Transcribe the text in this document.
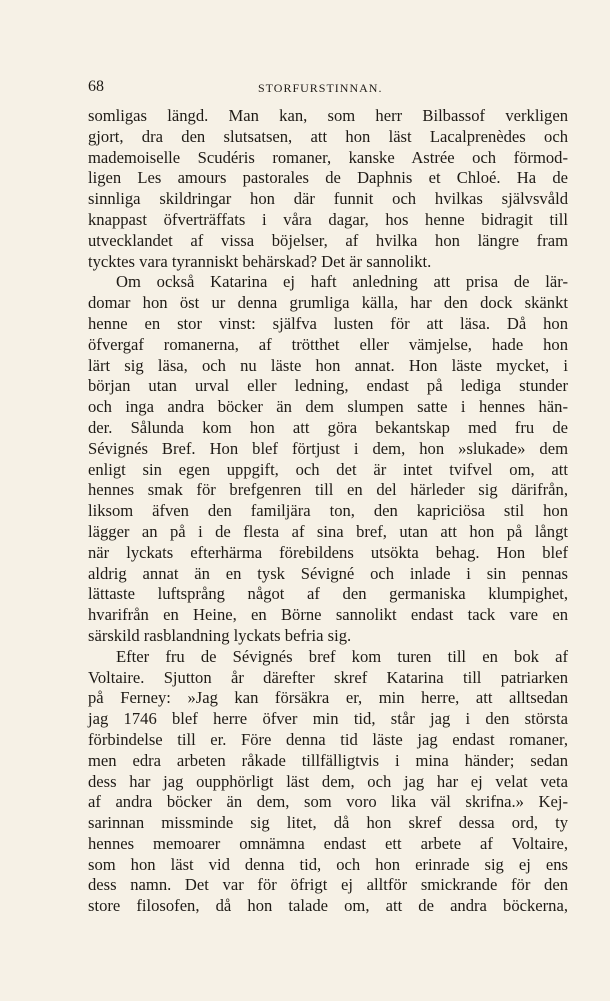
68	STORFURSTINNAN.
somligas längd. Man kan, som herr Bilbassof verkligen
gjort, dra den slutsatsen, att hon läst Lacalprenèdes och
mademoiselle Scudéris romaner, kanske Astrée och förmod-
ligen Les amours pastorales de Daphnis et Chloé. Ha de
sinnliga skildringar hon där funnit och hvilkas självsvåld
knappast öfverträffats i våra dagar, hos henne bidragit till
utvecklandet af vissa böjelser, af hvilka hon längre fram
tycktes vara tyranniskt behärskad? Det är sannolikt.
Om också Katarina ej haft anledning att prisa de lär-
domar hon öst ur denna grumliga källa, har den dock skänkt
henne en stor vinst: själfva lusten för att läsa. Då hon
öfvergaf romanerna, af trötthet eller vämjelse, hade hon
lärt sig läsa, och nu läste hon annat. Hon läste mycket, i
början utan urval eller ledning, endast på lediga stunder
och inga andra böcker än dem slumpen satte i hennes hän-
der. Sålunda kom hon att göra bekantskap med fru de
Sévignés Bref. Hon blef förtjust i dem, hon »slukade» dem
enligt sin egen uppgift, och det är intet tvifvel om, att
hennes smak för brefgenren till en del härleder sig därifrån,
liksom äfven den familjära ton, den kapriciösa stil hon
lägger an på i de flesta af sina bref, utan att hon på långt
när lyckats efterhärma förebildens utsökta behag. Hon blef
aldrig annat än en tysk Sévigné och inlade i sin pennas
lättaste luftsprång något af den germaniska klumpighet,
hvarifrån en Heine, en Börne sannolikt endast tack vare en
särskild rasblandning lyckats befria sig.
Efter fru de Sévignés bref kom turen till en bok af
Voltaire. Sjutton år därefter skref Katarina till patriarken
på Ferney: »Jag kan försäkra er, min herre, att alltsedan
jag 1746 blef herre öfver min tid, står jag i den största
förbindelse till er. Före denna tid läste jag endast romaner,
men edra arbeten råkade tillfälligtvis i mina händer; sedan
dess har jag oupphörligt läst dem, och jag har ej velat veta
af andra böcker än dem, som voro lika väl skrifna.» Kej-
sarinnan missminde sig litet, då hon skref dessa ord, ty
hennes memoarer omnämna endast ett arbete af Voltaire,
som hon läst vid denna tid, och hon erinrade sig ej ens
dess namn. Det var för öfrigt ej alltför smickrande för den
store filosofen, då hon talade om, att de andra böckerna,
